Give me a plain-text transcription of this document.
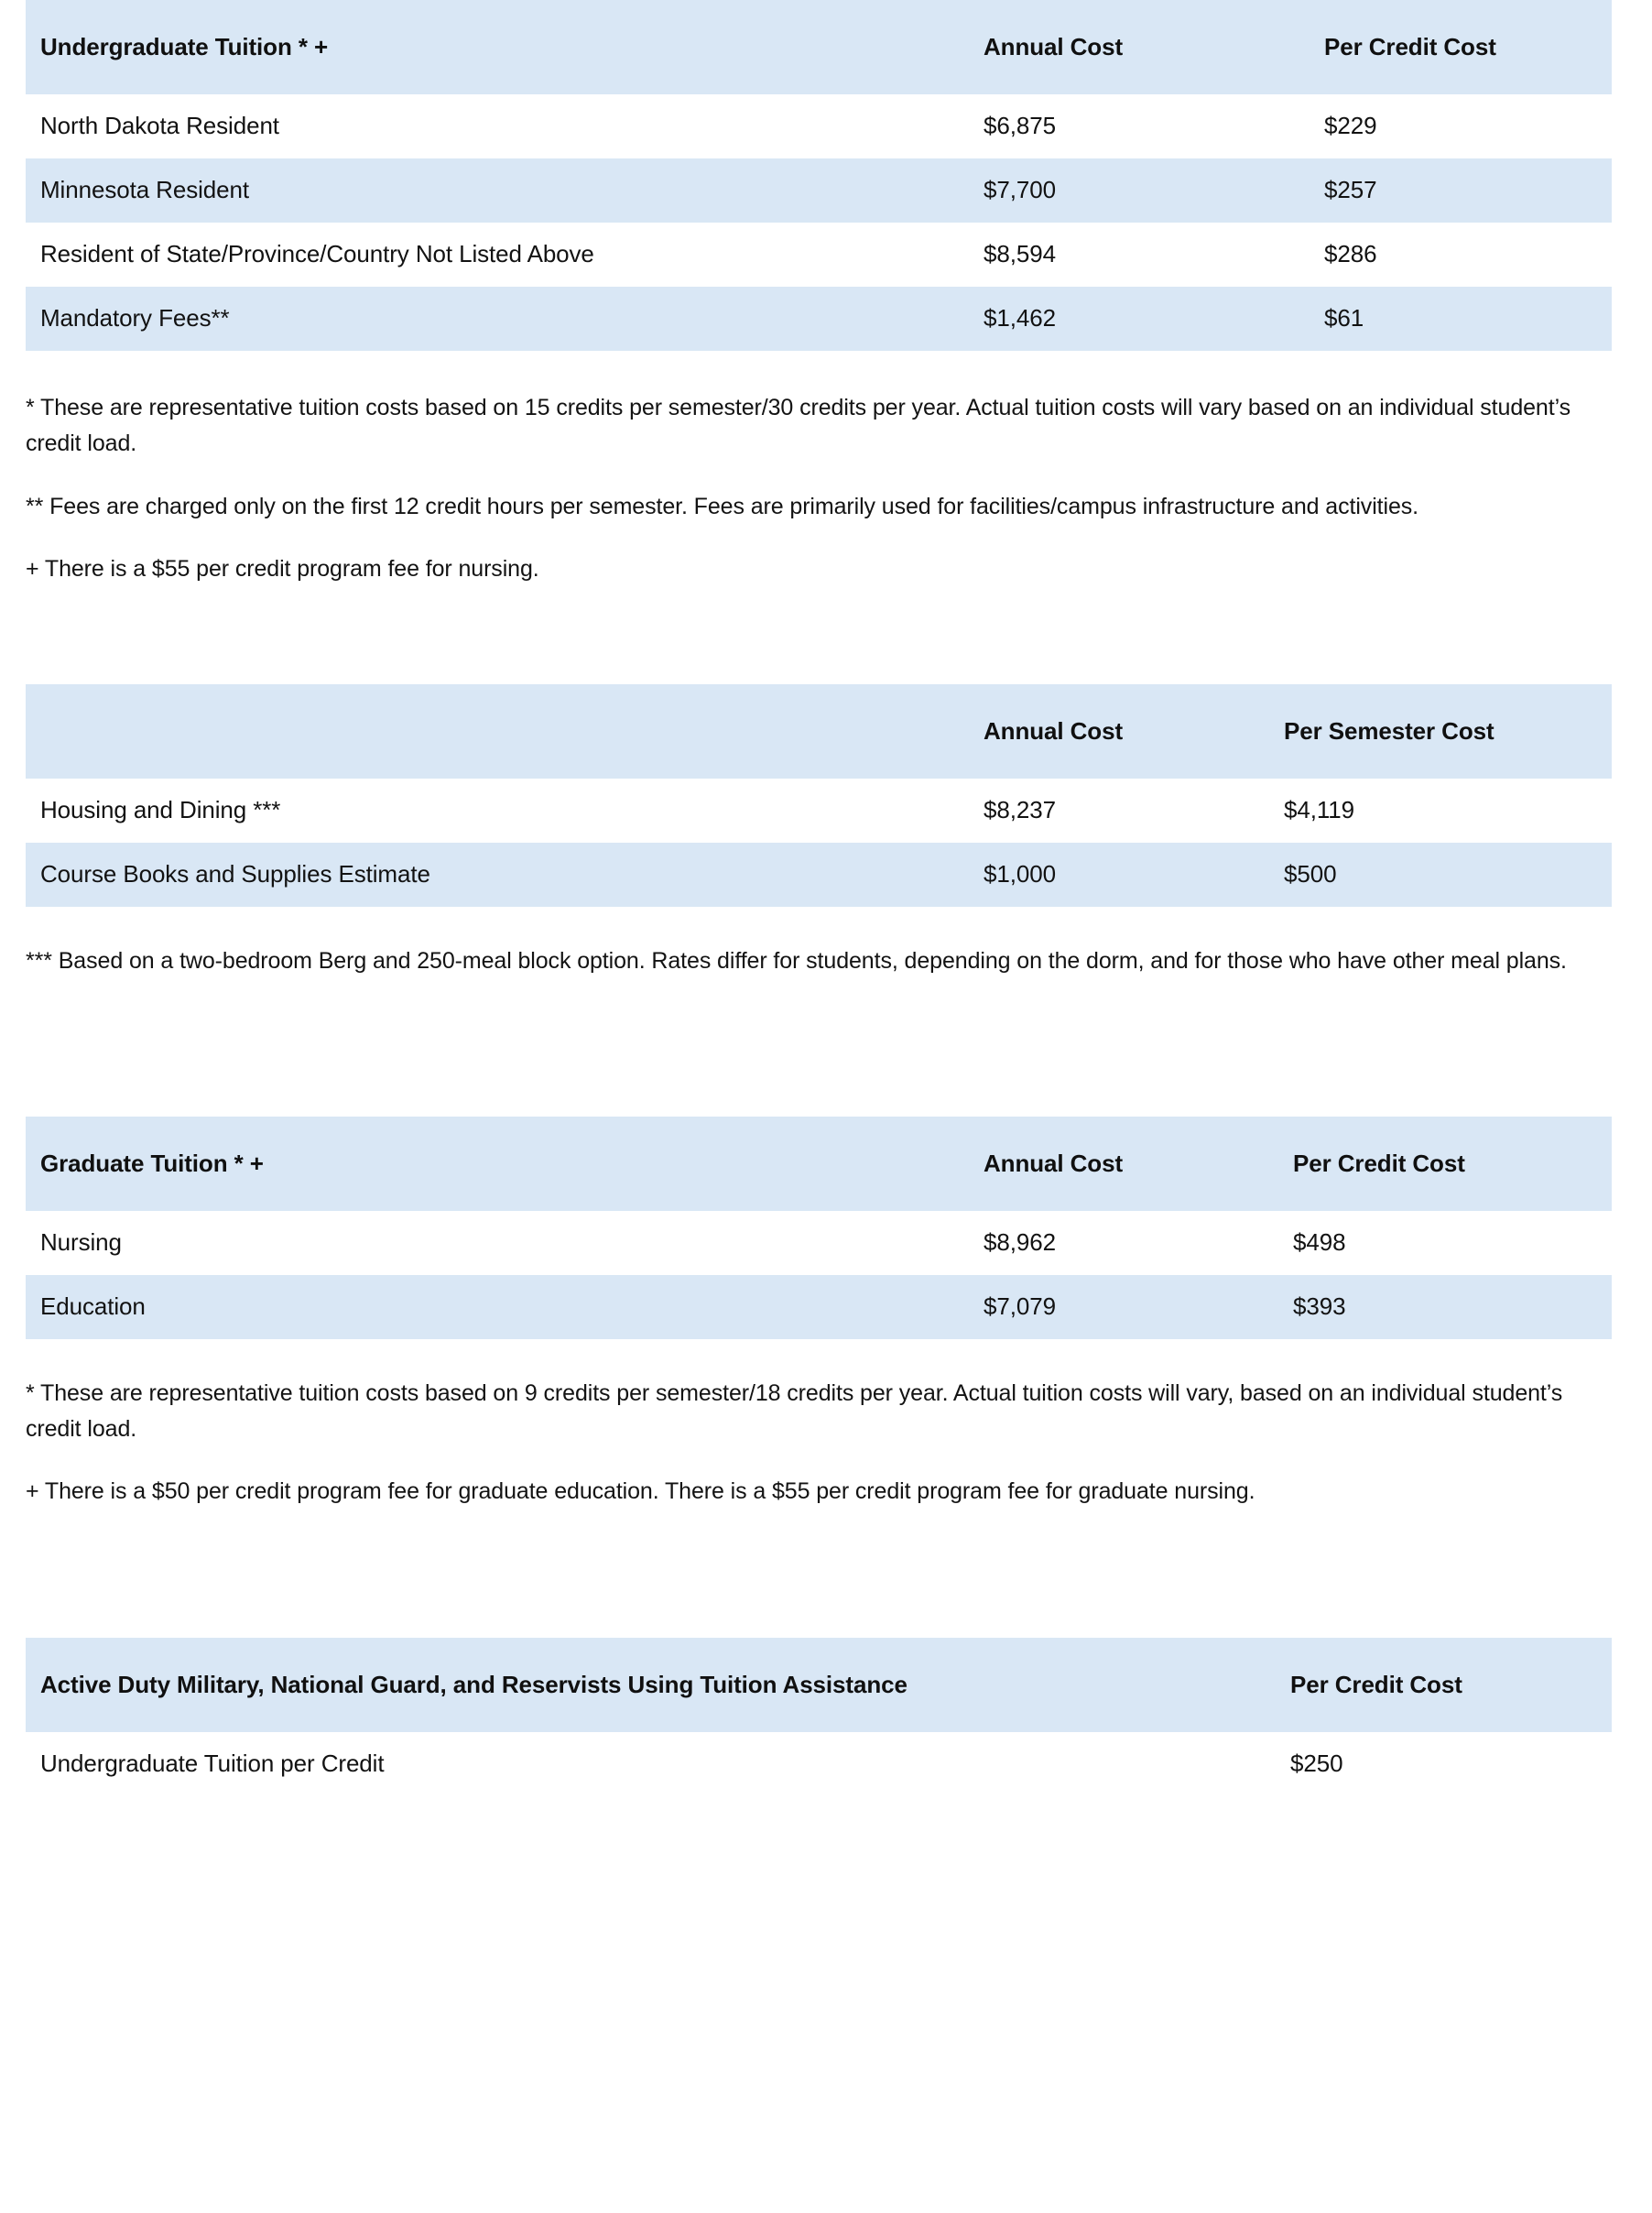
Undergraduate Tuition * +	Annual Cost	Per Credit Cost
North Dakota Resident	$6,875	$229
Minnesota Resident	$7,700	$257
Resident of State/Province/Country Not Listed Above	$8,594	$286
Mandatory Fees**	$1,462	$61

* These are representative tuition costs based on 15 credits per semester/30 credits per year. Actual tuition costs will vary based on an individual student’s credit load.

** Fees are charged only on the first 12 credit hours per semester. Fees are primarily used for facilities/campus infrastructure and activities.

+ There is a $55 per credit program fee for nursing.

	Annual Cost	Per Semester Cost
Housing and Dining ***	$8,237	$4,119
Course Books and Supplies Estimate	$1,000	$500

*** Based on a two-bedroom Berg and 250-meal block option. Rates differ for students, depending on the dorm, and for those who have other meal plans.

Graduate Tuition * +	Annual Cost	Per Credit Cost
Nursing	$8,962	$498
Education	$7,079	$393

* These are representative tuition costs based on 9 credits per semester/18 credits per year. Actual tuition costs will vary, based on an individual student’s credit load.

+ There is a $50 per credit program fee for graduate education. There is a $55 per credit program fee for graduate nursing.

Active Duty Military, National Guard, and Reservists Using Tuition Assistance	Per Credit Cost
Undergraduate Tuition per Credit	$250
